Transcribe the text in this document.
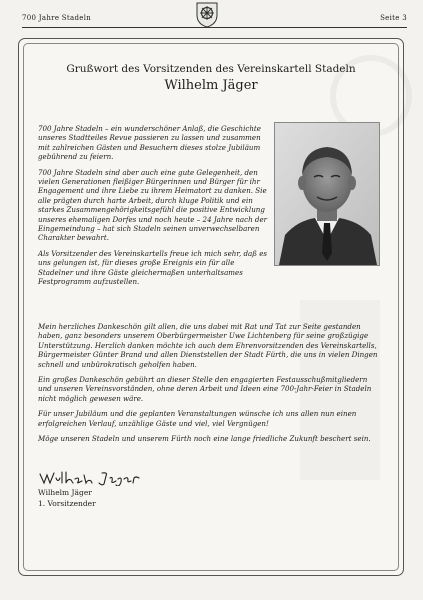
700 Jahre Stadeln	Seite 3
Grußwort des Vorsitzenden des Vereinskartell Stadeln
Wilhelm Jäger

700 Jahre Stadeln – ein wunderschöner Anlaß, die Geschichte unseres Stadtteiles Revue passieren zu lassen und zusammen mit zahlreichen Gästen und Besuchern dieses stolze Jubiläum gebührend zu feiern.

700 Jahre Stadeln sind aber auch eine gute Gelegenheit, den vielen Generationen fleißiger Bürgerinnen und Bürger für ihr Engagement und ihre Liebe zu ihrem Heimatort zu danken. Sie alle prägten durch harte Arbeit, durch kluge Politik und ein starkes Zusammengehörigkeitsgefühl die positive Entwicklung unseres ehemaligen Dorfes und noch heute – 24 Jahre nach der Eingemeindung – hat sich Stadeln seinen unverwechselbaren Charakter bewahrt.

Als Vorsitzender des Vereinskartells freue ich mich sehr, daß es uns gelungen ist, für dieses große Ereignis ein für alle Stadelner und ihre Gäste gleichermaßen unterhaltsames Festprogramm aufzustellen.

Mein herzliches Dankeschön gilt allen, die uns dabei mit Rat und Tat zur Seite gestanden haben, ganz besonders unserem Oberbürgermeister Uwe Lichtenberg für seine großzügige Unterstützung. Herzlich danken möchte ich auch dem Ehrenvorsitzenden des Vereinskartells, Bürgermeister Günter Brand und allen Dienststellen der Stadt Fürth, die uns in vielen Dingen schnell und unbürokratisch geholfen haben.

Ein großes Dankeschön gebührt an dieser Stelle den engagierten Festausschußmitgliedern und unseren Vereinsvorständen, ohne deren Arbeit und Ideen eine 700-Jahr-Feier in Stadeln nicht möglich gewesen wäre.

Für unser Jubiläum und die geplanten Veranstaltungen wünsche ich uns allen nun einen erfolgreichen Verlauf, unzählige Gäste und viel, viel Vergnügen!

Möge unseren Stadeln und unserem Fürth noch eine lange friedliche Zukunft beschert sein.

Wilhelm Jäger
1. Vorsitzender
